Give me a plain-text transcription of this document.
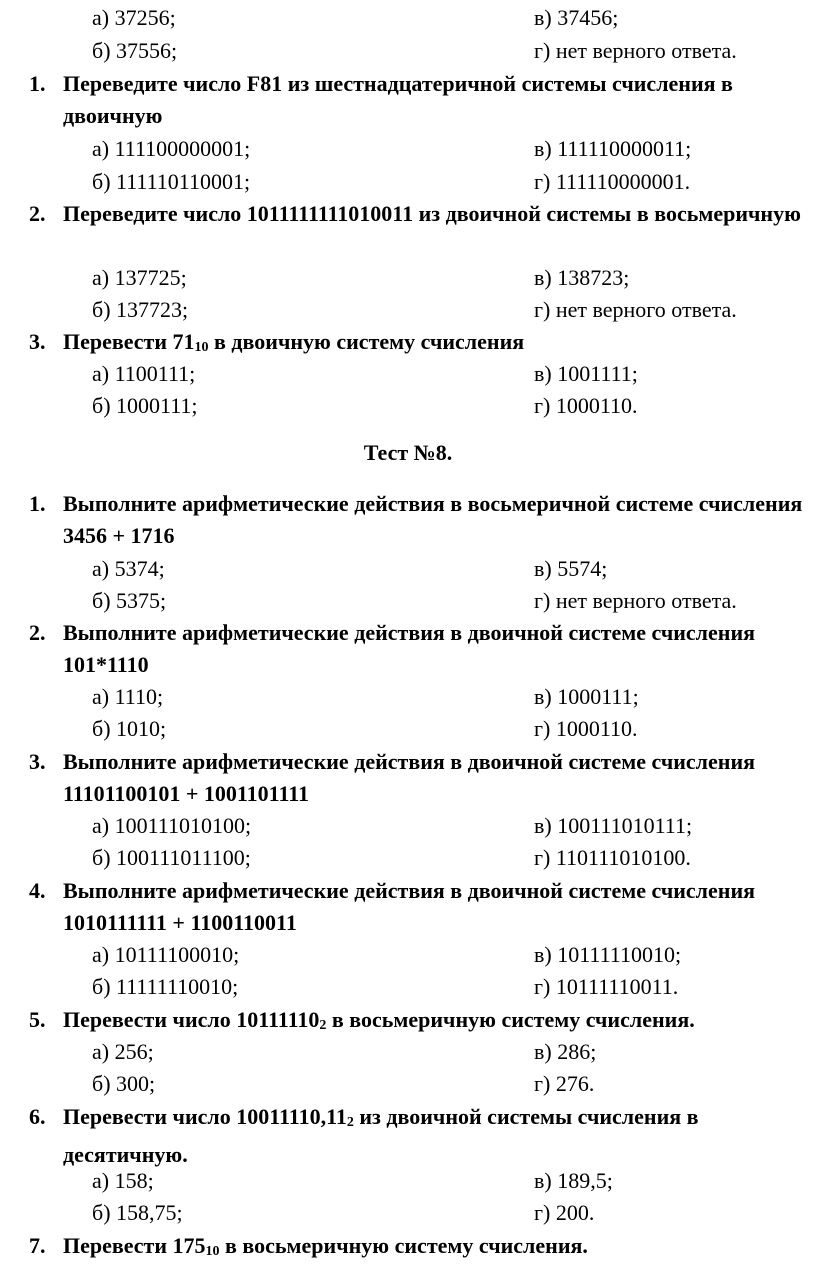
а) 37256;	в) 37456;
б) 37556;	г) нет верного ответа.
1. Переведите число F81 из шестнадцатеричной системы счисления в двоичную
а) 111100000001;	в) 111110000011;
б) 111110110001;	г) 111110000001.
2. Переведите число 1011111111010011 из двоичной системы в восьмеричную
а) 137725;	в) 138723;
б) 137723;	г) нет верного ответа.
3. Перевести $71_{10}$ в двоичную систему счисления
а) 1100111;	в) 1001111;
б) 1000111;	г) 1000110.
Тест №8.
1. Выполните арифметические действия в восьмеричной системе счисления 3456 + 1716
а) 5374;	в) 5574;
б) 5375;	г) нет верного ответа.
2. Выполните арифметические действия в двоичной системе счисления 101*1110
а) 1110;	в) 1000111;
б) 1010;	г) 1000110.
3. Выполните арифметические действия в двоичной системе счисления 11101100101 + 1001101111
а) 100111010100;	в) 100111010111;
б) 100111011100;	г) 110111010100.
4. Выполните арифметические действия в двоичной системе счисления 1010111111 + 1100110011
а) 10111100010;	в) 10111110010;
б) 11111110010;	г) 10111110011.
5. Перевести число $10111110_2$ в восьмеричную систему счисления.
а) 256;	в) 286;
б) 300;	г) 276.
6. Перевести число $10011110,11_2$ из двоичной системы счисления в десятичную.
а) 158;	в) 189,5;
б) 158,75;	г) 200.
7. Перевести $175_{10}$ в восьмеричную систему счисления.
